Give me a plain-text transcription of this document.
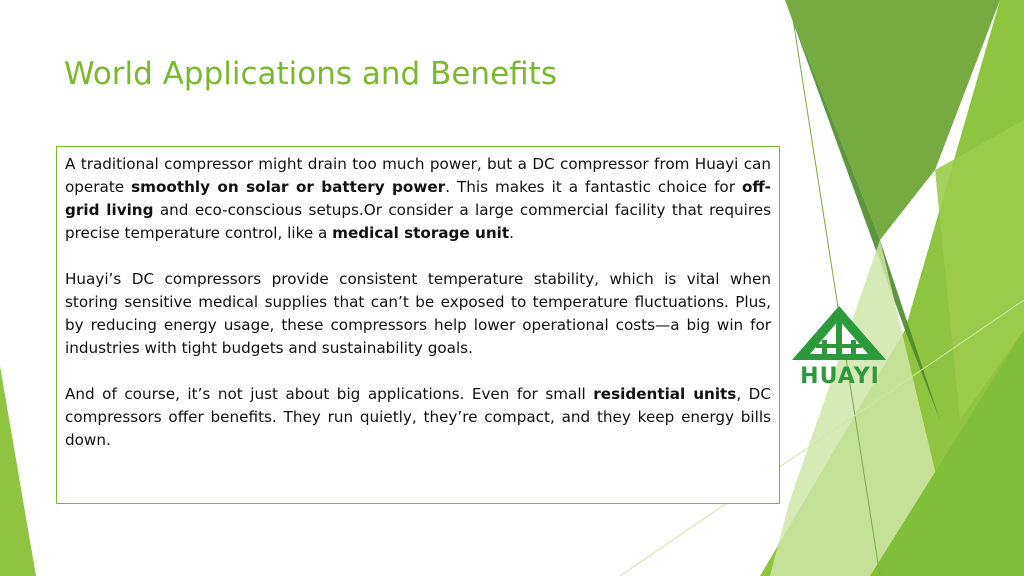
World Applications and Benefits

A traditional compressor might drain too much power, but a DC compressor from Huayi can operate smoothly on solar or battery power. This makes it a fantastic choice for off-grid living and eco-conscious setups.Or consider a large commercial facility that requires precise temperature control, like a medical storage unit.

Huayi’s DC compressors provide consistent temperature stability, which is vital when storing sensitive medical supplies that can’t be exposed to temperature fluctuations. Plus, by reducing energy usage, these compressors help lower operational costs—a big win for industries with tight budgets and sustainability goals.

And of course, it’s not just about big applications. Even for small residential units, DC compressors offer benefits. They run quietly, they’re compact, and they keep energy bills down.

HUAYI
